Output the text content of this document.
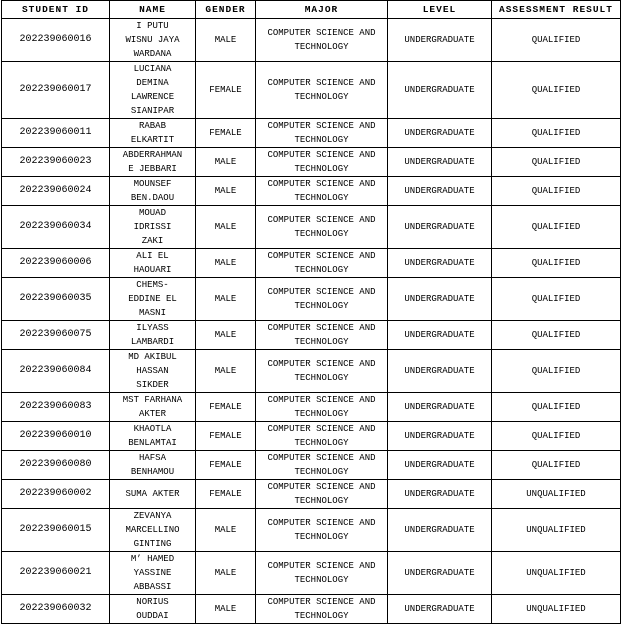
STUDENT ID	NAME	GENDER	MAJOR	LEVEL	ASSESSMENT RESULT
202239060016	I PUTU
WISNU JAYA
WARDANA	MALE	COMPUTER SCIENCE AND
TECHNOLOGY	UNDERGRADUATE	QUALIFIED
202239060017	LUCIANA
DEMINA
LAWRENCE
SIANIPAR	FEMALE	COMPUTER SCIENCE AND
TECHNOLOGY	UNDERGRADUATE	QUALIFIED
202239060011	RABAB
ELKARTIT	FEMALE	COMPUTER SCIENCE AND
TECHNOLOGY	UNDERGRADUATE	QUALIFIED
202239060023	ABDERRAHMAN
E JEBBARI	MALE	COMPUTER SCIENCE AND
TECHNOLOGY	UNDERGRADUATE	QUALIFIED
202239060024	MOUNSEF
BEN.DAOU	MALE	COMPUTER SCIENCE AND
TECHNOLOGY	UNDERGRADUATE	QUALIFIED
202239060034	MOUAD
IDRISSI
ZAKI	MALE	COMPUTER SCIENCE AND
TECHNOLOGY	UNDERGRADUATE	QUALIFIED
202239060006	ALI EL
HAOUARI	MALE	COMPUTER SCIENCE AND
TECHNOLOGY	UNDERGRADUATE	QUALIFIED
202239060035	CHEMS-
EDDINE EL
MASNI	MALE	COMPUTER SCIENCE AND
TECHNOLOGY	UNDERGRADUATE	QUALIFIED
202239060075	ILYASS
LAMBARDI	MALE	COMPUTER SCIENCE AND
TECHNOLOGY	UNDERGRADUATE	QUALIFIED
202239060084	MD AKIBUL
HASSAN
SIKDER	MALE	COMPUTER SCIENCE AND
TECHNOLOGY	UNDERGRADUATE	QUALIFIED
202239060083	MST FARHANA
AKTER	FEMALE	COMPUTER SCIENCE AND
TECHNOLOGY	UNDERGRADUATE	QUALIFIED
202239060010	KHAOTLA
BENLAMTAI	FEMALE	COMPUTER SCIENCE AND
TECHNOLOGY	UNDERGRADUATE	QUALIFIED
202239060080	HAFSA
BENHAMOU	FEMALE	COMPUTER SCIENCE AND
TECHNOLOGY	UNDERGRADUATE	QUALIFIED
202239060002	SUMA AKTER	FEMALE	COMPUTER SCIENCE AND
TECHNOLOGY	UNDERGRADUATE	UNQUALIFIED
202239060015	ZEVANYA
MARCELLINO
GINTING	MALE	COMPUTER SCIENCE AND
TECHNOLOGY	UNDERGRADUATE	UNQUALIFIED
202239060021	M’ HAMED
YASSINE
ABBASSI	MALE	COMPUTER SCIENCE AND
TECHNOLOGY	UNDERGRADUATE	UNQUALIFIED
202239060032	NORIUS
OUDDAI	MALE	COMPUTER SCIENCE AND
TECHNOLOGY	UNDERGRADUATE	UNQUALIFIED
